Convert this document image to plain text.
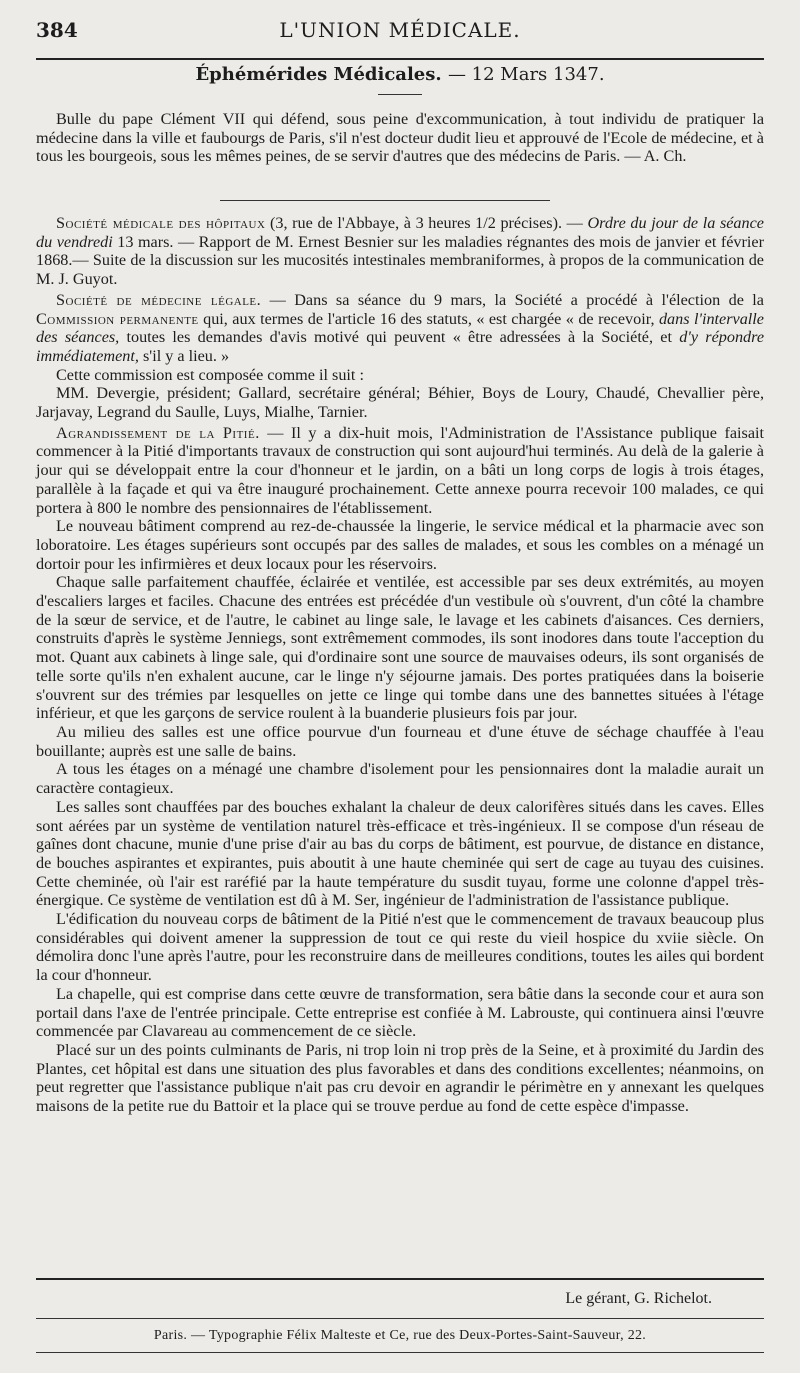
384	L'UNION MÉDICALE.
Éphémérides Médicales. — 12 Mars 1347.

Bulle du pape Clément VII qui défend, sous peine d'excommunication, à tout individu de pratiquer la médecine dans la ville et faubourgs de Paris, s'il n'est docteur dudit lieu et approuvé de l'Ecole de médecine, et à tous les bourgeois, sous les mêmes peines, de se servir d'autres que des médecins de Paris. — A. Ch.

Société médicale des hôpitaux (3, rue de l'Abbaye, à 3 heures 1/2 précises). — Ordre du jour de la séance du vendredi 13 mars. — Rapport de M. Ernest Besnier sur les maladies régnantes des mois de janvier et février 1868.— Suite de la discussion sur les mucosités intestinales membraniformes, à propos de la communication de M. J. Guyot.

Société de médecine légale. — Dans sa séance du 9 mars, la Société a procédé à l'élection de la Commission permanente qui, aux termes de l'article 16 des statuts, « est chargée « de recevoir, dans l'intervalle des séances, toutes les demandes d'avis motivé qui peuvent « être adressées à la Société, et d'y répondre immédiatement, s'il y a lieu. »

Cette commission est composée comme il suit :

MM. Devergie, président; Gallard, secrétaire général; Béhier, Boys de Loury, Chaudé, Chevallier père, Jarjavay, Legrand du Saulle, Luys, Mialhe, Tarnier.

Agrandissement de la Pitié. — Il y a dix-huit mois, l'Administration de l'Assistance publique faisait commencer à la Pitié d'importants travaux de construction qui sont aujourd'hui terminés. Au delà de la galerie à jour qui se développait entre la cour d'honneur et le jardin, on a bâti un long corps de logis à trois étages, parallèle à la façade et qui va être inauguré prochainement. Cette annexe pourra recevoir 100 malades, ce qui portera à 800 le nombre des pensionnaires de l'établissement.

Le nouveau bâtiment comprend au rez-de-chaussée la lingerie, le service médical et la pharmacie avec son loboratoire. Les étages supérieurs sont occupés par des salles de malades, et sous les combles on a ménagé un dortoir pour les infirmières et deux locaux pour les réservoirs.

Chaque salle parfaitement chauffée, éclairée et ventilée, est accessible par ses deux extrémités, au moyen d'escaliers larges et faciles. Chacune des entrées est précédée d'un vestibule où s'ouvrent, d'un côté la chambre de la sœur de service, et de l'autre, le cabinet au linge sale, le lavage et les cabinets d'aisances. Ces derniers, construits d'après le système Jenniegs, sont extrêmement commodes, ils sont inodores dans toute l'acception du mot. Quant aux cabinets à linge sale, qui d'ordinaire sont une source de mauvaises odeurs, ils sont organisés de telle sorte qu'ils n'en exhalent aucune, car le linge n'y séjourne jamais. Des portes pratiquées dans la boiserie s'ouvrent sur des trémies par lesquelles on jette ce linge qui tombe dans une des bannettes situées à l'étage inférieur, et que les garçons de service roulent à la buanderie plusieurs fois par jour.

Au milieu des salles est une office pourvue d'un fourneau et d'une étuve de séchage chauffée à l'eau bouillante; auprès est une salle de bains.

A tous les étages on a ménagé une chambre d'isolement pour les pensionnaires dont la maladie aurait un caractère contagieux.

Les salles sont chauffées par des bouches exhalant la chaleur de deux calorifères situés dans les caves. Elles sont aérées par un système de ventilation naturel très-efficace et très-ingénieux. Il se compose d'un réseau de gaînes dont chacune, munie d'une prise d'air au bas du corps de bâtiment, est pourvue, de distance en distance, de bouches aspirantes et expirantes, puis aboutit à une haute cheminée qui sert de cage au tuyau des cuisines. Cette cheminée, où l'air est raréfié par la haute température du susdit tuyau, forme une colonne d'appel très-énergique. Ce système de ventilation est dû à M. Ser, ingénieur de l'administration de l'assistance publique.

L'édification du nouveau corps de bâtiment de la Pitié n'est que le commencement de travaux beaucoup plus considérables qui doivent amener la suppression de tout ce qui reste du vieil hospice du xviie siècle. On démolira donc l'une après l'autre, pour les reconstruire dans de meilleures conditions, toutes les ailes qui bordent la cour d'honneur.

La chapelle, qui est comprise dans cette œuvre de transformation, sera bâtie dans la seconde cour et aura son portail dans l'axe de l'entrée principale. Cette entreprise est confiée à M. Labrouste, qui continuera ainsi l'œuvre commencée par Clavareau au commencement de ce siècle.

Placé sur un des points culminants de Paris, ni trop loin ni trop près de la Seine, et à proximité du Jardin des Plantes, cet hôpital est dans une situation des plus favorables et dans des conditions excellentes; néanmoins, on peut regretter que l'assistance publique n'ait pas cru devoir en agrandir le périmètre en y annexant les quelques maisons de la petite rue du Battoir et la place qui se trouve perdue au fond de cette espèce d'impasse.

Le gérant, G. Richelot.
Paris. — Typographie Félix Malteste et Ce, rue des Deux-Portes-Saint-Sauveur, 22.
